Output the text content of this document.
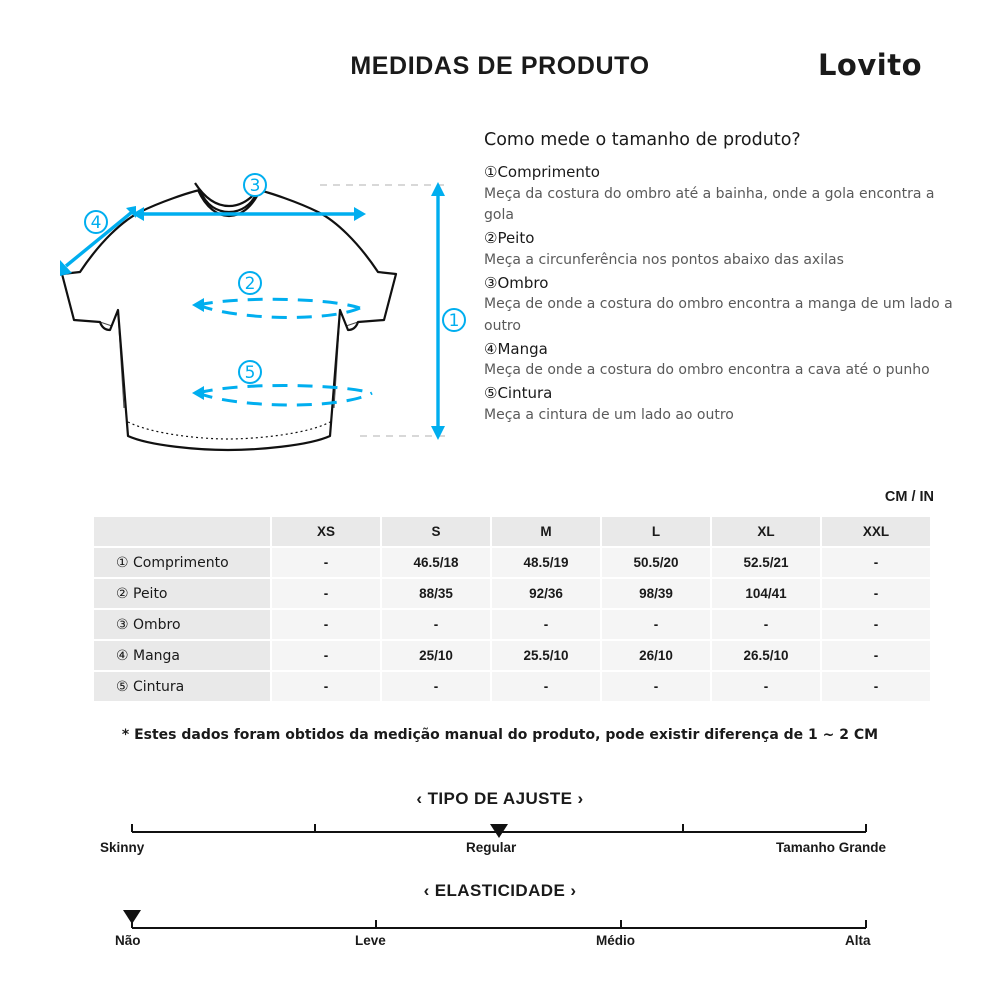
MEDIDAS DE PRODUTO	Lovito
3
2
5
1
4
Como mede o tamanho de produto?
①Comprimento
Meça da costura do ombro até a bainha, onde a gola encontra a gola
②Peito
Meça a circunferência nos pontos abaixo das axilas
③Ombro
Meça de onde a costura do ombro encontra a manga de um lado a outro
④Manga
Meça de onde a costura do ombro encontra a cava até o punho
⑤Cintura
Meça a cintura de um lado ao outro
CM / IN
	XS	S	M	L	XL	XXL
① Comprimento	-	46.5/18	48.5/19	50.5/20	52.5/21	-
② Peito	-	88/35	92/36	98/39	104/41	-
③ Ombro	-	-	-	-	-	-
④ Manga	-	25/10	25.5/10	26/10	26.5/10	-
⑤ Cintura	-	-	-	-	-	-
* Estes dados foram obtidos da medição manual do produto, pode existir diferença de 1 ~ 2 CM
‹ TIPO DE AJUSTE ›
Skinny	Regular	Tamanho Grande
‹ ELASTICIDADE ›
Não	Leve	Médio	Alta
